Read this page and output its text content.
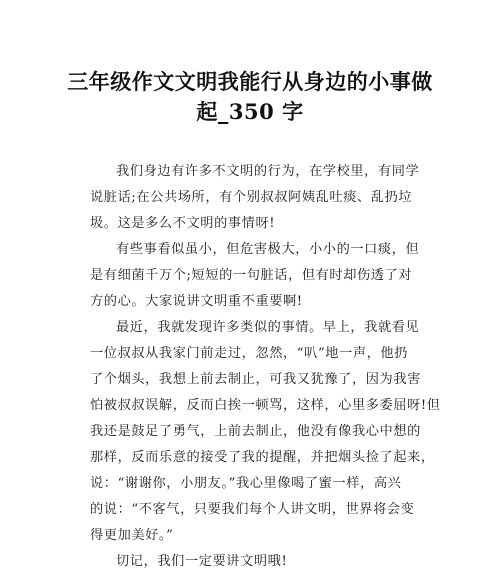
三年级作文文明我能行从身边的小事做
起_350 字
我们身边有许多不文明的行为，在学校里，有同学
说脏话;在公共场所，有个别叔叔阿姨乱吐痰、乱扔垃
圾。这是多么不文明的事情呀!
有些事看似虽小，但危害极大，小小的一口痰，但
是有细菌千万个;短短的一句脏话，但有时却伤透了对
方的心。大家说讲文明重不重要啊!
最近，我就发现许多类似的事情。早上，我就看见
一位叔叔从我家门前走过，忽然，“叭”地一声，他扔
了个烟头，我想上前去制止，可我又犹豫了，因为我害
怕被叔叔误解，反而白挨一顿骂，这样，心里多委屈呀!但
我还是鼓足了勇气，上前去制止，他没有像我心中想的
那样，反而乐意的接受了我的提醒，并把烟头捡了起来，
说：“谢谢你，小朋友。”我心里像喝了蜜一样，高兴
的说：“不客气，只要我们每个人讲文明，世界将会变
得更加美好。”
切记，我们一定要讲文明哦!
